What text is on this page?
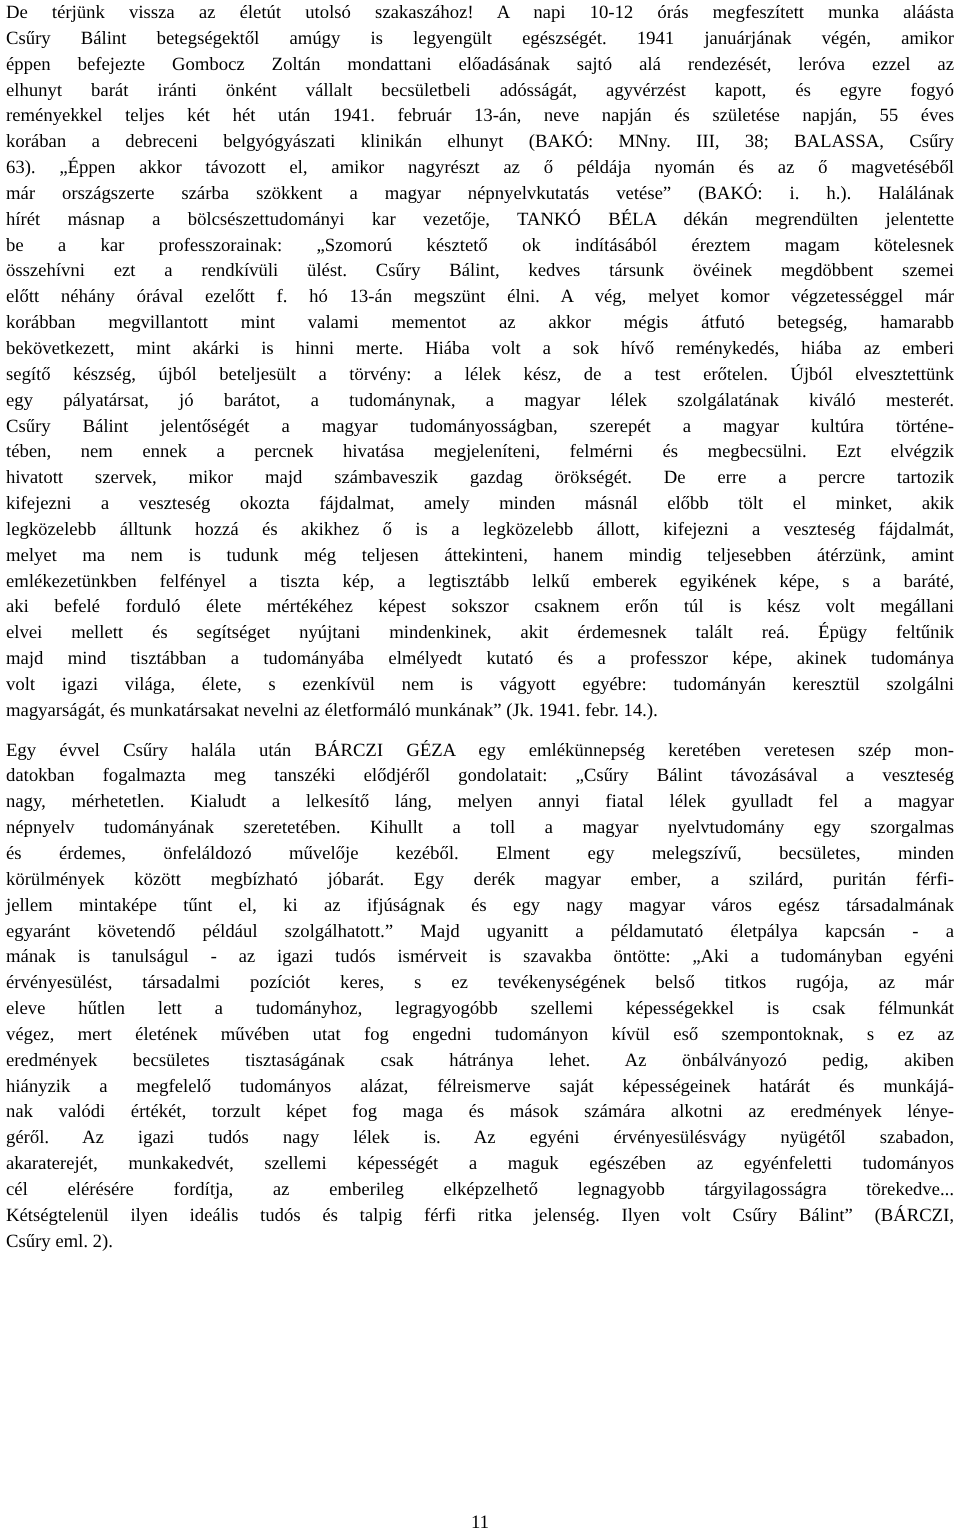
De térjünk vissza az életút utolsó szakaszához! A napi 10-12 órás megfeszített munka aláásta
Csűry Bálint betegségektől amúgy is legyengült egészségét. 1941 januárjának végén, amikor
éppen befejezte Gombocz Zoltán mondattani előadásának sajtó alá rendezését, leróva ezzel az
elhunyt barát iránti önként vállalt becsületbeli adósságát, agyvérzést kapott, és egyre fogyó
reményekkel teljes két hét után 1941. február 13-án, neve napján és születése napján, 55 éves
korában a debreceni belgyógyászati klinikán elhunyt (BAKÓ: MNny. III, 38; BALASSA, Csűry
63). „Éppen akkor távozott el, amikor nagyrészt az ő példája nyomán és az ő magvetéséből
már országszerte szárba szökkent a magyar népnyelvkutatás vetése” (BAKÓ: i. h.). Halálának
hírét másnap a bölcsészettudományi kar vezetője, TANKÓ BÉLA dékán megrendülten jelentette
be a kar professzorainak: „Szomorú késztető ok indításából éreztem magam kötelesnek
összehívni ezt a rendkívüli ülést. Csűry Bálint, kedves társunk övéinek megdöbbent szemei
előtt néhány órával ezelőtt f. hó 13-án megszünt élni. A vég, melyet komor végzetességgel már
korábban megvillantott mint valami mementot az akkor mégis átfutó betegség, hamarabb
bekövetkezett, mint akárki is hinni merte. Hiába volt a sok hívő reménykedés, hiába az emberi
segítő készség, újból beteljesült a törvény: a lélek kész, de a test erőtelen. Újból elvesztettünk
egy pályatársat, jó barátot, a tudománynak, a magyar lélek szolgálatának kiváló mesterét.
Csűry Bálint jelentőségét a magyar tudományosságban, szerepét a magyar kultúra történe-
tében, nem ennek a percnek hivatása megjeleníteni, felmérni és megbecsülni. Ezt elvégzik
hivatott szervek, mikor majd számbaveszik gazdag örökségét. De erre a percre tartozik
kifejezni a veszteség okozta fájdalmat, amely minden másnál előbb tölt el minket, akik
legközelebb álltunk hozzá és akikhez ő is a legközelebb állott, kifejezni a veszteség fájdalmát,
melyet ma nem is tudunk még teljesen áttekinteni, hanem mindig teljesebben átérzünk, amint
emlékezetünkben felfényel a tiszta kép, a legtisztább lelkű emberek egyikének képe, s a baráté,
aki befelé forduló élete mértékéhez képest sokszor csaknem erőn túl is kész volt megállani
elvei mellett és segítséget nyújtani mindenkinek, akit érdemesnek talált reá. Épügy feltűnik
majd mind tisztábban a tudományába elmélyedt kutató és a professzor képe, akinek tudománya
volt igazi világa, élete, s ezenkívül nem is vágyott egyébre: tudományán keresztül szolgálni
magyarságát, és munkatársakat nevelni az életformáló munkának” (Jk. 1941. febr. 14.).

Egy évvel Csűry halála után BÁRCZI GÉZA egy emlékünnepség keretében veretesen szép mon-
datokban fogalmazta meg tanszéki elődjéről gondolatait: „Csűry Bálint távozásával a veszteség
nagy, mérhetetlen. Kialudt a lelkesítő láng, melyen annyi fiatal lélek gyulladt fel a magyar
népnyelv tudományának szeretetében. Kihullt a toll a magyar nyelvtudomány egy szorgalmas
és érdemes, önfeláldozó művelője kezéből. Elment egy melegszívű, becsületes, minden
körülmények között megbízható jóbarát. Egy derék magyar ember, a szilárd, puritán férfi-
jellem mintaképe tűnt el, ki az ifjúságnak és egy nagy magyar város egész társadalmának
egyaránt követendő például szolgálhatott.” Majd ugyanitt a példamutató életpálya kapcsán - a
mának is tanulságul - az igazi tudós ismérveit is szavakba öntötte: „Aki a tudományban egyéni
érvényesülést, társadalmi pozíciót keres, s ez tevékenységének belső titkos rugója, az már
eleve hűtlen lett a tudományhoz, legragyogóbb szellemi képességekkel is csak félmunkát
végez, mert életének művében utat fog engedni tudományon kívül eső szempontoknak, s ez az
eredmények becsületes tisztaságának csak hátránya lehet. Az önbálványozó pedig, akiben
hiányzik a megfelelő tudományos alázat, félreismerve saját képességeinek határát és munkájá-
nak valódi értékét, torzult képet fog maga és mások számára alkotni az eredmények lénye-
géről. Az igazi tudós nagy lélek is. Az egyéni érvényesülésvágy nyügétől szabadon,
akaraterejét, munkakedvét, szellemi képességét a maguk egészében az egyénfeletti tudományos
cél elérésére fordítja, az emberileg elképzelhető legnagyobb tárgyilagosságra törekedve...
Kétségtelenül ilyen ideális tudós és talpig férfi ritka jelenség. Ilyen volt Csűry Bálint” (BÁRCZI,
Csűry eml. 2).

11
